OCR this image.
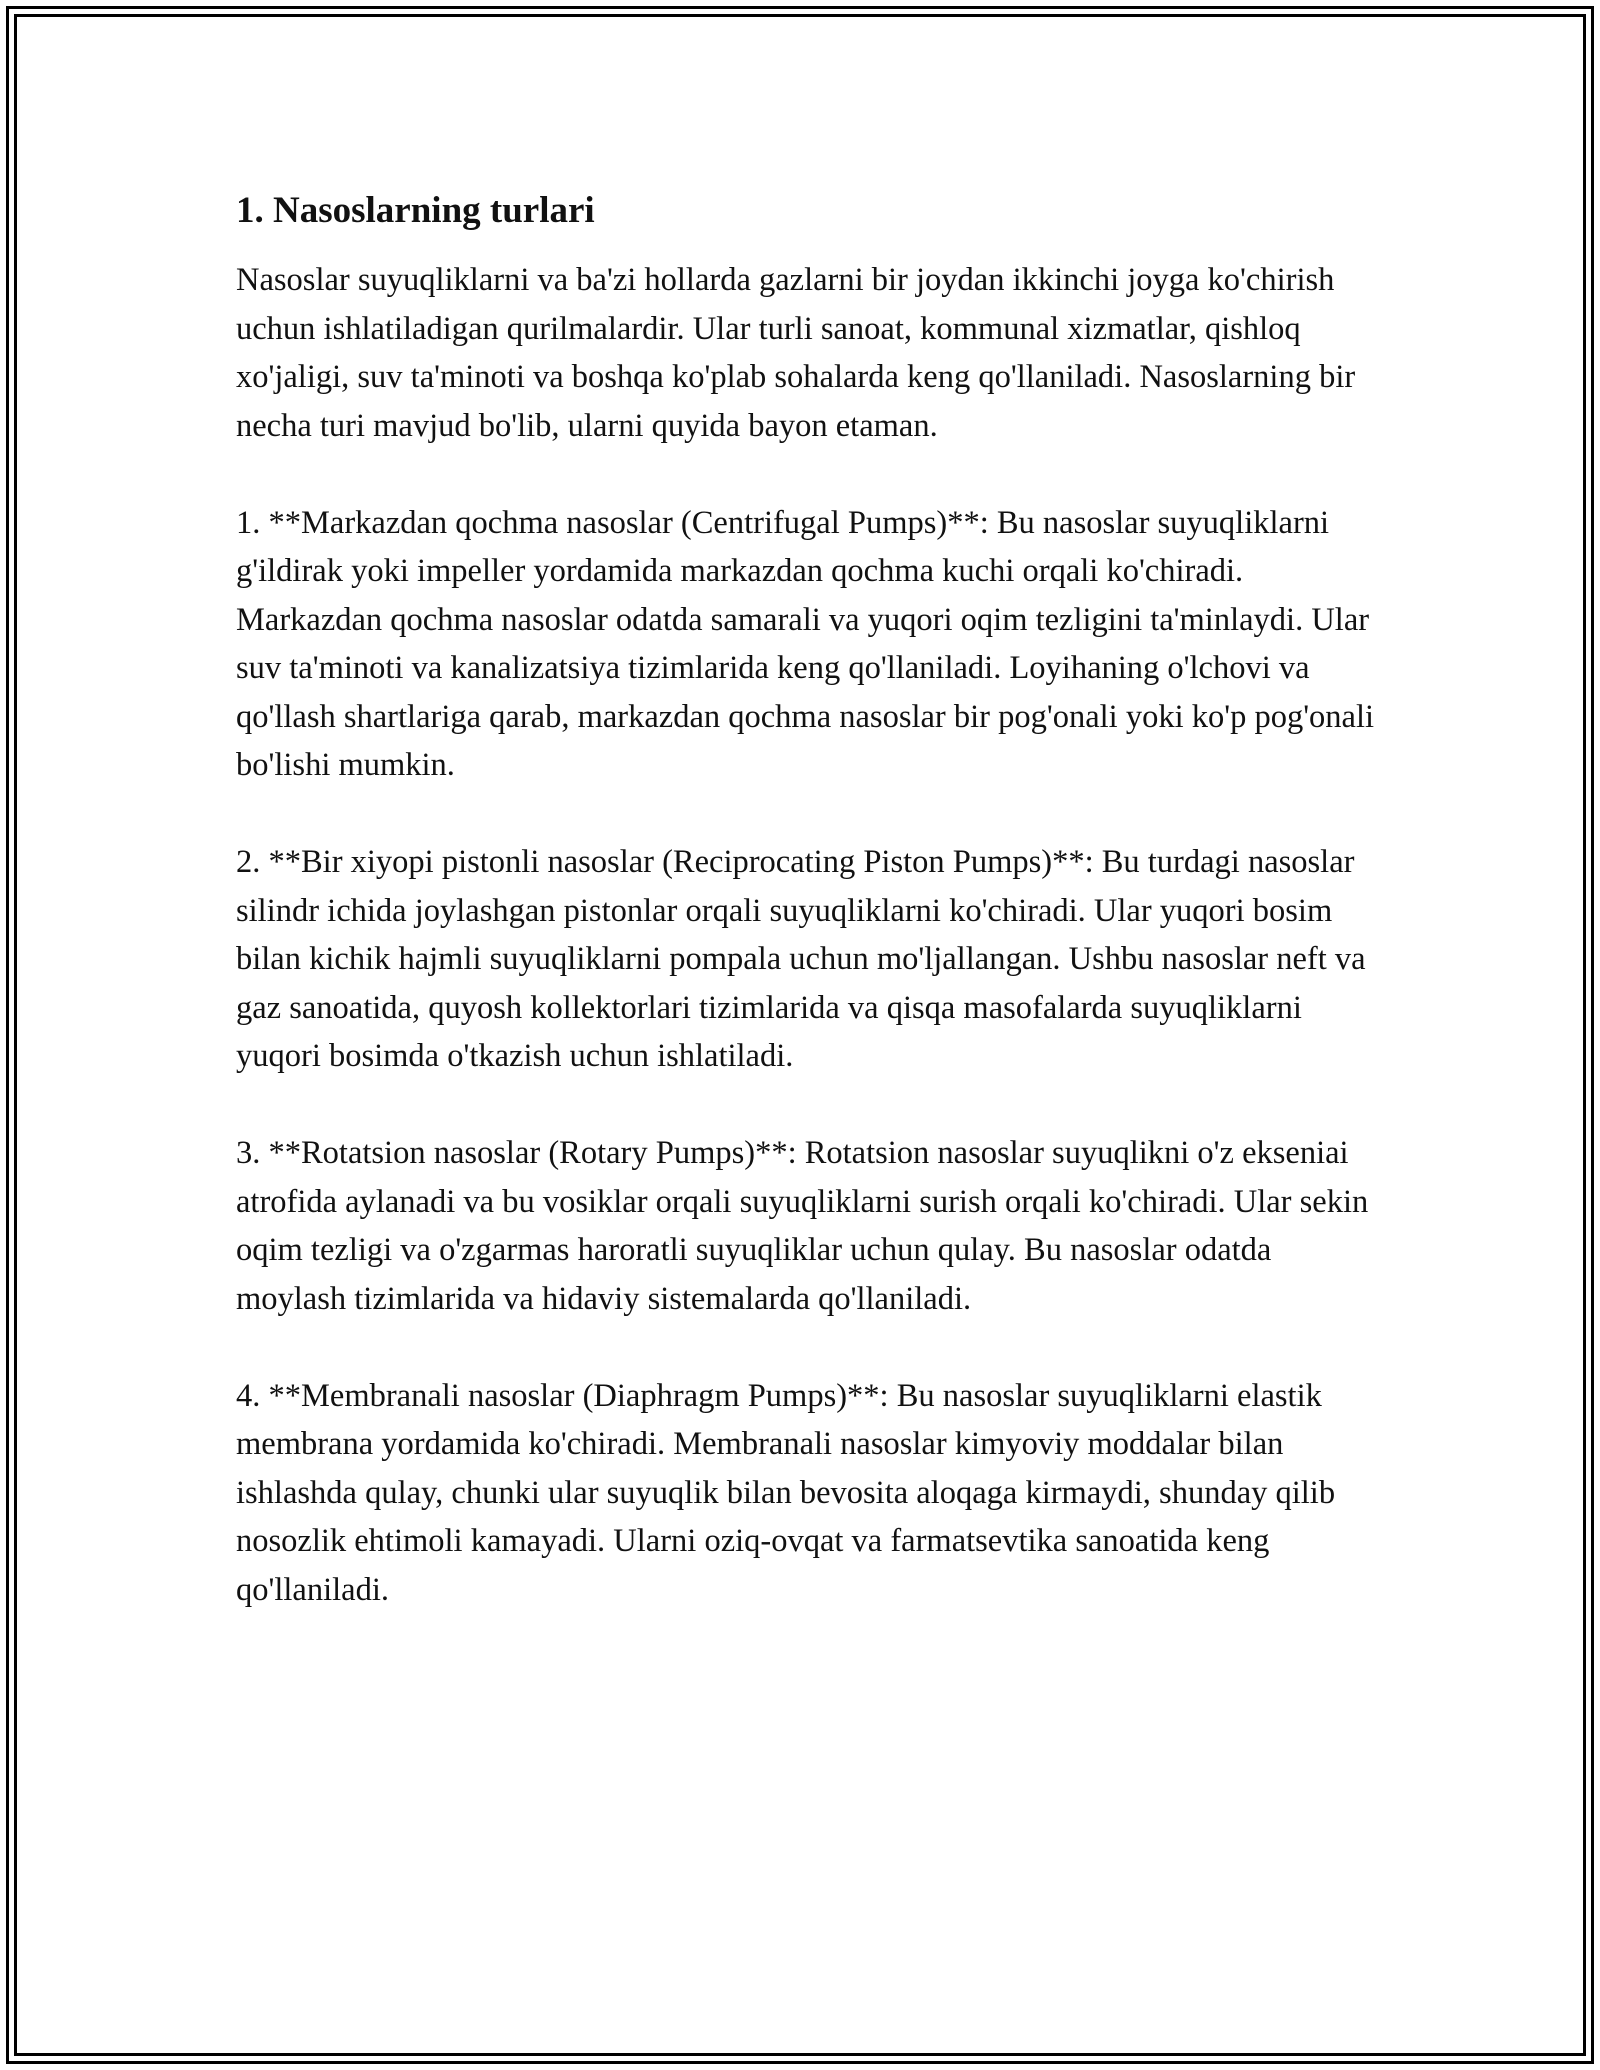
1. Nasoslarning turlari

Nasoslar suyuqliklarni va ba'zi hollarda gazlarni bir joydan ikkinchi joyga ko'chirish uchun ishlatiladigan qurilmalardir. Ular turli sanoat, kommunal xizmatlar, qishloq xo'jaligi, suv ta'minoti va boshqa ko'plab sohalarda keng qo'llaniladi. Nasoslarning bir necha turi mavjud bo'lib, ularni quyida bayon etaman.

1. **Markazdan qochma nasoslar (Centrifugal Pumps)**: Bu nasoslar suyuqliklarni g'ildirak yoki impeller yordamida markazdan qochma kuchi orqali ko'chiradi. Markazdan qochma nasoslar odatda samarali va yuqori oqim tezligini ta'minlaydi. Ular suv ta'minoti va kanalizatsiya tizimlarida keng qo'llaniladi. Loyihaning o'lchovi va qo'llash shartlariga qarab, markazdan qochma nasoslar bir pog'onali yoki ko'p pog'onali bo'lishi mumkin.

2. **Bir xiyopi pistonli nasoslar (Reciprocating Piston Pumps)**: Bu turdagi nasoslar silindr ichida joylashgan pistonlar orqali suyuqliklarni ko'chiradi. Ular yuqori bosim bilan kichik hajmli suyuqliklarni pompala uchun mo'ljallangan. Ushbu nasoslar neft va gaz sanoatida, quyosh kollektorlari tizimlarida va qisqa masofalarda suyuqliklarni yuqori bosimda o'tkazish uchun ishlatiladi.

3. **Rotatsion nasoslar (Rotary Pumps)**: Rotatsion nasoslar suyuqlikni o'z ekseniai atrofida aylanadi va bu vosiklar orqali suyuqliklarni surish orqali ko'chiradi. Ular sekin oqim tezligi va o'zgarmas haroratli suyuqliklar uchun qulay. Bu nasoslar odatda moylash tizimlarida va hidaviy sistemalarda qo'llaniladi.

4. **Membranali nasoslar (Diaphragm Pumps)**: Bu nasoslar suyuqliklarni elastik membrana yordamida ko'chiradi. Membranali nasoslar kimyoviy moddalar bilan ishlashda qulay, chunki ular suyuqlik bilan bevosita aloqaga kirmaydi, shunday qilib nosozlik ehtimoli kamayadi. Ularni oziq-ovqat va farmatsevtika sanoatida keng qo'llaniladi.
